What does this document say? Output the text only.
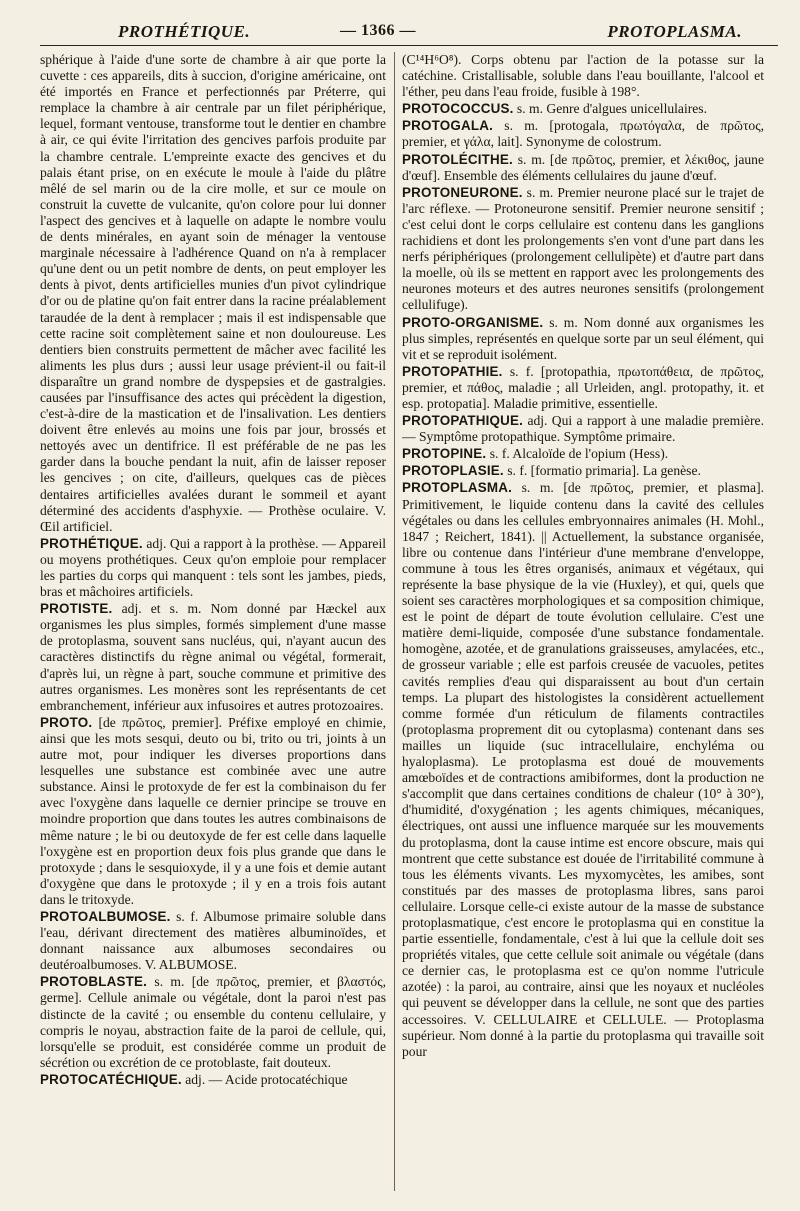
PROTHÉTIQUE.	— 1366 —	PROTOPLASMA.

sphérique à l'aide d'une sorte de chambre à air que porte la cuvette : ces appareils, dits à succion, d'origine américaine, ont été importés en France et perfectionnés par Préterre, qui remplace la chambre à air centrale par un filet périphérique, lequel, formant ventouse, transforme tout le dentier en chambre à air, ce qui évite l'irritation des gencives parfois produite par la chambre centrale. L'empreinte exacte des gencives et du palais étant prise, on en exécute le moule à l'aide du plâtre mêlé de sel marin ou de la cire molle, et sur ce moule on construit la cuvette de vulcanite, qu'on colore pour lui donner l'aspect des gencives et à laquelle on adapte le nombre voulu de dents minérales, en ayant soin de ménager la ventouse marginale nécessaire à l'adhérence Quand on n'a à remplacer qu'une dent ou un petit nombre de dents, on peut employer les dents à pivot, dents artificielles munies d'un pivot cylindrique d'or ou de platine qu'on fait entrer dans la racine préalablement taraudée de la dent à remplacer ; mais il est indispensable que cette racine soit complètement saine et non douloureuse. Les dentiers bien construits permettent de mâcher avec facilité les aliments les plus durs ; aussi leur usage prévient-il ou fait-il disparaître un grand nombre de dyspepsies et de gastralgies. causées par l'insuffisance des actes qui précèdent la digestion, c'est-à-dire de la mastication et de l'insalivation. Les dentiers doivent être enlevés au moins une fois par jour, brossés et nettoyés avec un dentifrice. Il est préférable de ne pas les garder dans la bouche pendant la nuit, afin de laisser reposer les gencives ; on cite, d'ailleurs, quelques cas de pièces dentaires artificielles avalées durant le sommeil et ayant déterminé des accidents d'asphyxie. — Prothèse oculaire. V. Œil artificiel.

PROTHÉTIQUE. adj. Qui a rapport à la prothèse. — Appareil ou moyens prothétiques. Ceux qu'on emploie pour remplacer les parties du corps qui manquent : tels sont les jambes, pieds, bras et mâchoires artificiels.

PROTISTE. adj. et s. m. Nom donné par Hæckel aux organismes les plus simples, formés simplement d'une masse de protoplasma, souvent sans nucléus, qui, n'ayant aucun des caractères distinctifs du règne animal ou végétal, formerait, d'après lui, un règne à part, souche commune et primitive des autres organismes. Les monères sont les représentants de cet embranchement, inférieur aux infusoires et autres protozoaires.

PROTO. [de πρῶτος, premier]. Préfixe employé en chimie, ainsi que les mots sesqui, deuto ou bi, trito ou tri, joints à un autre mot, pour indiquer les diverses proportions dans lesquelles une substance est combinée avec une autre substance. Ainsi le protoxyde de fer est la combinaison du fer avec l'oxygène dans laquelle ce dernier principe se trouve en moindre proportion que dans toutes les autres combinaisons de même nature ; le bi ou deutoxyde de fer est celle dans laquelle l'oxygène est en proportion deux fois plus grande que dans le protoxyde ; dans le sesquioxyde, il y a une fois et demie autant d'oxygène que dans le protoxyde ; il y en a trois fois autant dans le tritoxyde.

PROTOALBUMOSE. s. f. Albumose primaire soluble dans l'eau, dérivant directement des matières albuminoïdes, et donnant naissance aux albumoses secondaires ou deutéroalbumoses. V. ALBUMOSE.

PROTOBLASTE. s. m. [de πρῶτος, premier, et βλαστός, germe]. Cellule animale ou végétale, dont la paroi n'est pas distincte de la cavité ; ou ensemble du contenu cellulaire, y compris le noyau, abstraction faite de la paroi de cellule, qui, lorsqu'elle se produit, est considérée comme un produit de sécrétion ou excrétion de ce protoblaste, fait douteux.

PROTOCATÉCHIQUE. adj. — Acide protocatéchique

(C¹⁴H⁶O⁸). Corps obtenu par l'action de la potasse sur la catéchine. Cristallisable, soluble dans l'eau bouillante, l'alcool et l'éther, peu dans l'eau froide, fusible à 198°.

PROTOCOCCUS. s. m. Genre d'algues unicellulaires.

PROTOGALA. s. m. [protogala, πρωτόγαλα, de πρῶτος, premier, et γάλα, lait]. Synonyme de colostrum.

PROTOLÉCITHE. s. m. [de πρῶτος, premier, et λέκιθος, jaune d'œuf]. Ensemble des éléments cellulaires du jaune d'œuf.

PROTONEURONE. s. m. Premier neurone placé sur le trajet de l'arc réflexe. — Protoneurone sensitif. Premier neurone sensitif ; c'est celui dont le corps cellulaire est contenu dans les ganglions rachidiens et dont les prolongements s'en vont d'une part dans les nerfs périphériques (prolongement cellulipète) et d'autre part dans la moelle, où ils se mettent en rapport avec les prolongements des neurones moteurs et des autres neurones sensitifs (prolongement cellulifuge).

PROTO-ORGANISME. s. m. Nom donné aux organismes les plus simples, représentés en quelque sorte par un seul élément, qui vit et se reproduit isolément.

PROTOPATHIE. s. f. [protopathia, πρωτοπάθεια, de πρῶτος, premier, et πάθος, maladie ; all Urleiden, angl. protopathy, it. et esp. protopatia]. Maladie primitive, essentielle.

PROTOPATHIQUE. adj. Qui a rapport à une maladie première. — Symptôme protopathique. Symptôme primaire.

PROTOPINE. s. f. Alcaloïde de l'opium (Hess).

PROTOPLASIE. s. f. [formatio primaria]. La genèse.

PROTOPLASMA. s. m. [de πρῶτος, premier, et plasma]. Primitivement, le liquide contenu dans la cavité des cellules végétales ou dans les cellules embryonnaires animales (H. Mohl., 1847 ; Reichert, 1841). || Actuellement, la substance organisée, libre ou contenue dans l'intérieur d'une membrane d'enveloppe, commune à tous les êtres organisés, animaux et végétaux, qui représente la base physique de la vie (Huxley), et qui, quels que soient ses caractères morphologiques et sa composition chimique, est le point de départ de toute évolution cellulaire. C'est une matière demi-liquide, composée d'une substance fondamentale. homogène, azotée, et de granulations graisseuses, amylacées, etc., de grosseur variable ; elle est parfois creusée de vacuoles, petites cavités remplies d'eau qui disparaissent au bout d'un certain temps. La plupart des histologistes la considèrent actuellement comme formée d'un réticulum de filaments contractiles (protoplasma proprement dit ou cytoplasma) contenant dans ses mailles un liquide (suc intracellulaire, enchyléma ou hyaloplasma). Le protoplasma est doué de mouvements amœboïdes et de contractions amibiformes, dont la production ne s'accomplit que dans certaines conditions de chaleur (10° à 30°), d'humidité, d'oxygénation ; les agents chimiques, mécaniques, électriques, ont aussi une influence marquée sur les mouvements du protoplasma, dont la cause intime est encore obscure, mais qui montrent que cette substance est douée de l'irritabilité commune à tous les éléments vivants. Les myxomycètes, les amibes, sont constitués par des masses de protoplasma libres, sans paroi cellulaire. Lorsque celle-ci existe autour de la masse de substance protoplasmatique, c'est encore le protoplasma qui en constitue la partie essentielle, fondamentale, c'est à lui que la cellule doit ses propriétés vitales, que cette cellule soit animale ou végétale (dans ce dernier cas, le protoplasma est ce qu'on nomme l'utricule azotée) : la paroi, au contraire, ainsi que les noyaux et nucléoles qui peuvent se développer dans la cellule, ne sont que des parties accessoires. V. CELLULAIRE et CELLULE. — Protoplasma supérieur. Nom donné à la partie du protoplasma qui travaille soit pour
